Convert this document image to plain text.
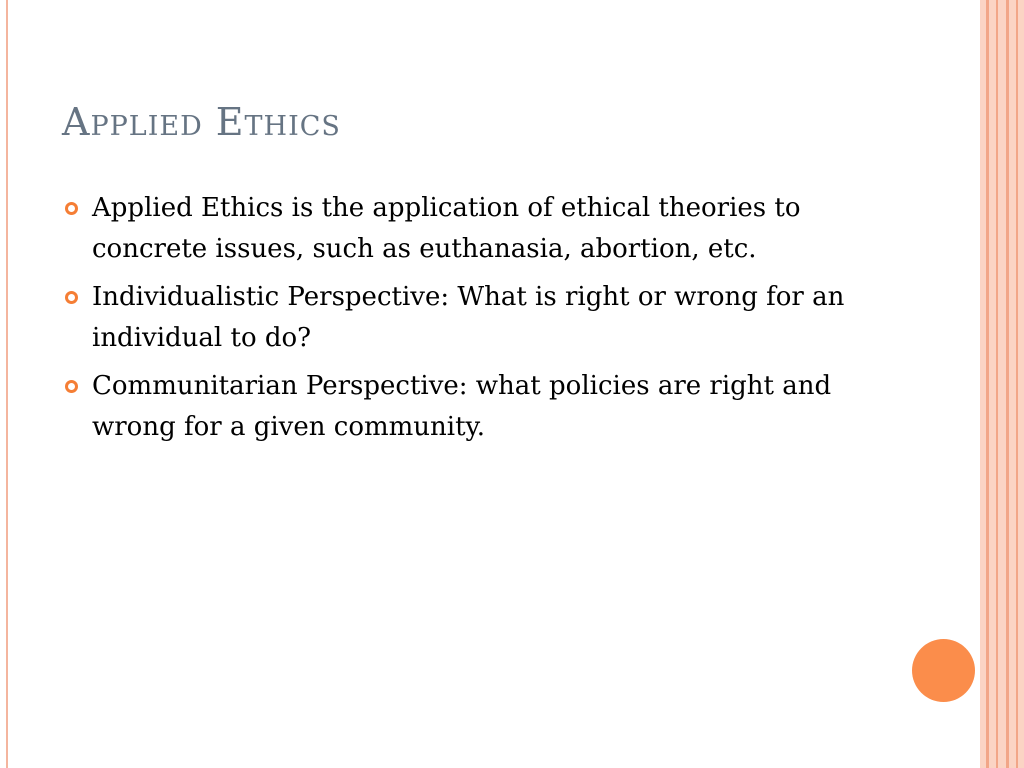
Applied Ethics
Applied Ethics is the application of ethical theories to concrete issues, such as euthanasia, abortion, etc.
Individualistic Perspective: What is right or wrong for an individual to do?
Communitarian Perspective: what policies are right and wrong for a given community.
